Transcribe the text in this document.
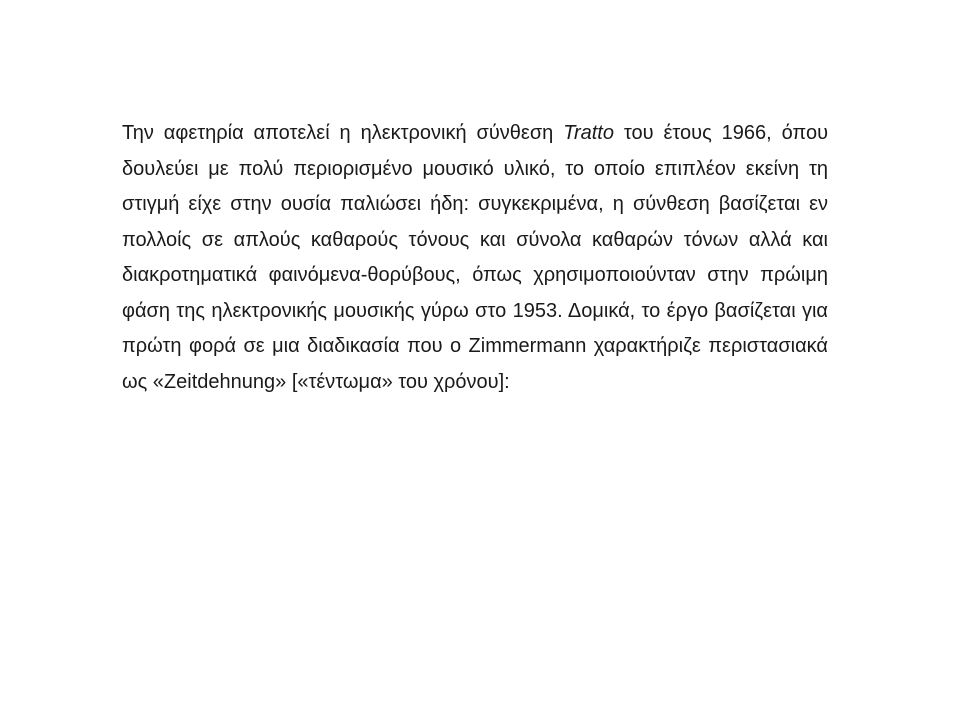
Την αφετηρία αποτελεί η ηλεκτρονική σύνθεση Tratto του έτους 1966, όπου δουλεύει με πολύ περιορισμένο μουσικό υλικό, το οποίο επιπλέον εκείνη τη στιγμή είχε στην ουσία παλιώσει ήδη: συγκεκριμένα, η σύνθεση βασίζεται εν πολλοίς σε απλούς καθαρούς τόνους και σύνολα καθαρών τόνων αλλά και διακροτηματικά φαινόμενα-θορύβους, όπως χρησιμοποιούνταν στην πρώιμη φάση της ηλεκτρονικής μουσικής γύρω στο 1953. Δομικά, το έργο βασίζεται για πρώτη φορά σε μια διαδικασία που ο Zimmermann χαρακτήριζε περιστασιακά ως «Zeitdehnung» [«τέντωμα» του χρόνου]:
